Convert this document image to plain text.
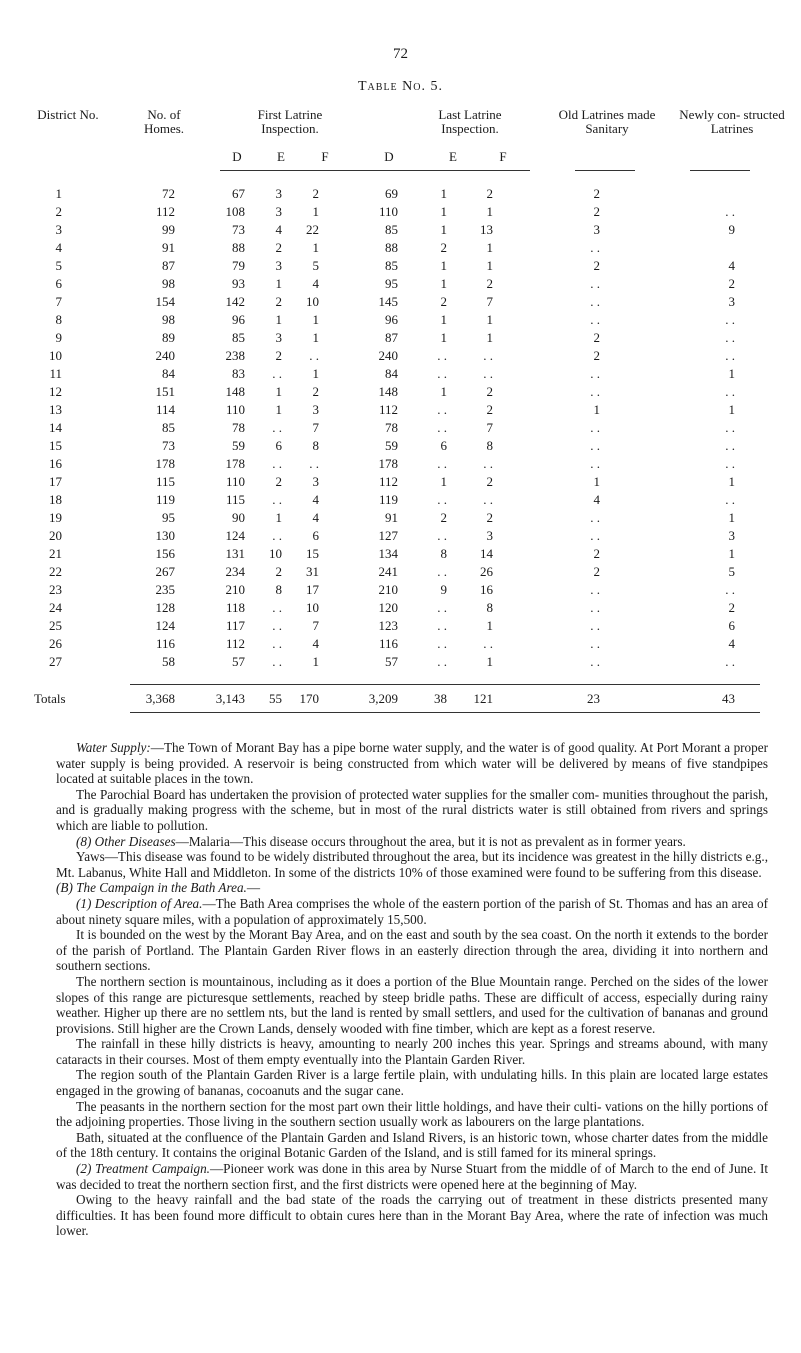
72
Table No. 5.
District No.	No. of Homes.
First Latrine Inspection.
Last Latrine Inspection.
Old Latrines made Sanitary
Newly con- structed Latrines
D	E	F	D	E	F
1	72	67	3	2	69	1	2	2
2	112	108	3	1	110	1	1	2	. .
3	99	73	4	22	85	1	13	3	9
4	91	88	2	1	88	2	1	. .
5	87	79	3	5	85	1	1	2	4
6	98	93	1	4	95	1	2	. .	2
7	154	142	2	10	145	2	7	. .	3
8	98	96	1	1	96	1	1	. .	. .
9	89	85	3	1	87	1	1	2	. .
10	240	238	2	. .	240	. .	. .	2	. .
11	84	83	. .	1	84	. .	. .	. .	1
12	151	148	1	2	148	1	2	. .	. .
13	114	110	1	3	112	. .	2	1	1
14	85	78	. .	7	78	. .	7	. .	. .
15	73	59	6	8	59	6	8	. .	. .
16	178	178	. .	. .	178	. .	. .	. .	. .
17	115	110	2	3	112	1	2	1	1
18	119	115	. .	4	119	. .	. .	4	. .
19	95	90	1	4	91	2	2	. .	1
20	130	124	. .	6	127	. .	3	. .	3
21	156	131	10	15	134	8	14	2	1
22	267	234	2	31	241	. .	26	2	5
23	235	210	8	17	210	9	16	. .	. .
24	128	118	. .	10	120	. .	8	. .	2
25	124	117	. .	7	123	. .	1	. .	6
26	116	112	. .	4	116	. .	. .	. .	4
27	58	57	. .	1	57	. .	1	. .	. .
Totals	3,368	3,143	55	170	3,209	38	121	23	43

Water Supply:—The Town of Morant Bay has a pipe borne water supply, and the water is of good quality. At Port Morant a proper water supply is being provided. A reservoir is being constructed from which water will be delivered by means of five standpipes located at suitable places in the town.

The Parochial Board has undertaken the provision of protected water supplies for the smaller com- munities throughout the parish, and is gradually making progress with the scheme, but in most of the rural districts water is still obtained from rivers and springs which are liable to pollution.

(8) Other Diseases—Malaria—This disease occurs throughout the area, but it is not as prevalent as in former years.

Yaws—This disease was found to be widely distributed throughout the area, but its incidence was greatest in the hilly districts e.g., Mt. Labanus, White Hall and Middleton. In some of the districts 10% of those examined were found to be suffering from this disease.

(B) The Campaign in the Bath Area.—

(1) Description of Area.—The Bath Area comprises the whole of the eastern portion of the parish of St. Thomas and has an area of about ninety square miles, with a population of approximately 15,500.

It is bounded on the west by the Morant Bay Area, and on the east and south by the sea coast. On the north it extends to the border of the parish of Portland. The Plantain Garden River flows in an easterly direction through the area, dividing it into northern and southern sections.

The northern section is mountainous, including as it does a portion of the Blue Mountain range. Perched on the sides of the lower slopes of this range are picturesque settlements, reached by steep bridle paths. These are difficult of access, especially during rainy weather. Higher up there are no settlem nts, but the land is rented by small settlers, and used for the cultivation of bananas and ground provisions. Still higher are the Crown Lands, densely wooded with fine timber, which are kept as a forest reserve.

The rainfall in these hilly districts is heavy, amounting to nearly 200 inches this year. Springs and streams abound, with many cataracts in their courses. Most of them empty eventually into the Plantain Garden River.

The region south of the Plantain Garden River is a large fertile plain, with undulating hills. In this plain are located large estates engaged in the growing of bananas, cocoanuts and the sugar cane.

The peasants in the northern section for the most part own their little holdings, and have their culti- vations on the hilly portions of the adjoining properties. Those living in the southern section usually work as labourers on the large plantations.

Bath, situated at the confluence of the Plantain Garden and Island Rivers, is an historic town, whose charter dates from the middle of the 18th century. It contains the original Botanic Garden of the Island, and is still famed for its mineral springs.

(2) Treatment Campaign.—Pioneer work was done in this area by Nurse Stuart from the middle of of March to the end of June. It was decided to treat the northern section first, and the first districts were opened here at the beginning of May.

Owing to the heavy rainfall and the bad state of the roads the carrying out of treatment in these districts presented many difficulties. It has been found more difficult to obtain cures here than in the Morant Bay Area, where the rate of infection was much lower.
